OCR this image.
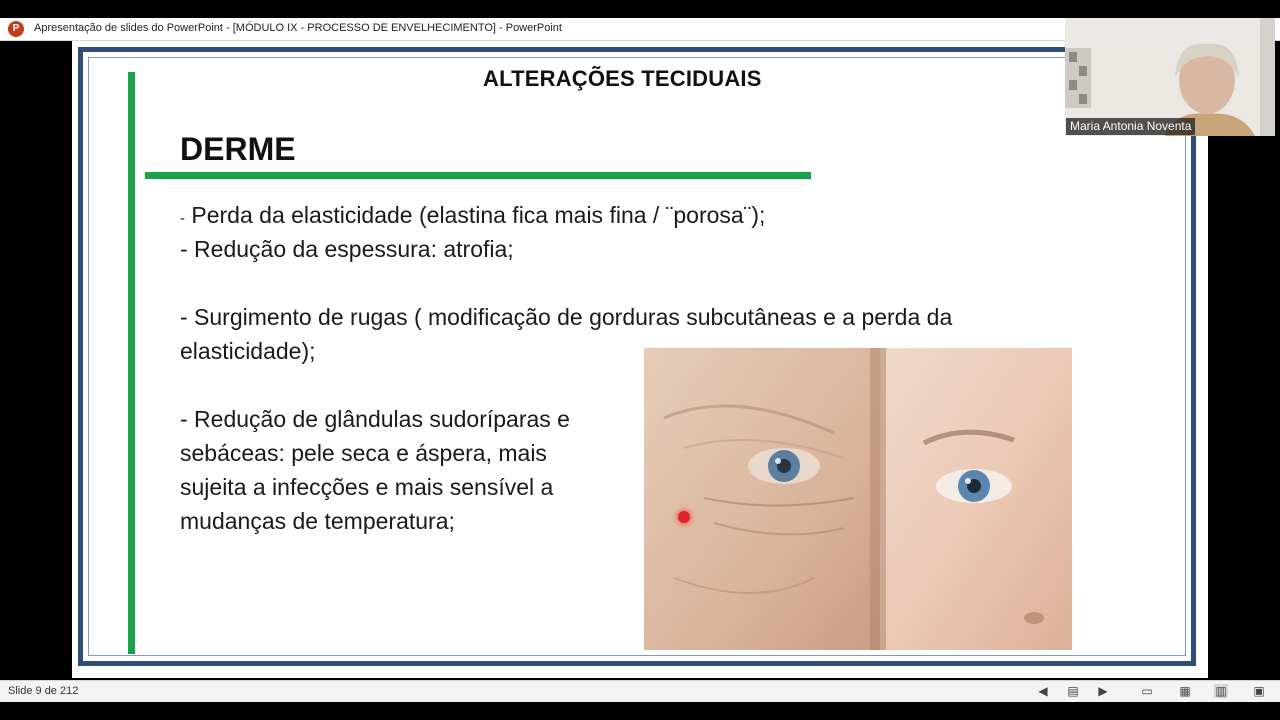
P	Apresentação de slides do PowerPoint - [MÓDULO IX - PROCESSO DE ENVELHECIMENTO] - PowerPoint
ALTERAÇÕES TECIDUAIS
DERME
- Perda da elasticidade (elastina fica mais fina / ¨porosa¨);
- Redução da espessura: atrofia;
- Surgimento de rugas ( modificação de gorduras subcutâneas e a perda da
elasticidade);
- Redução de glândulas sudoríparas e
sebáceas: pele seca e áspera, mais
sujeita a infecções e mais sensível a
mudanças de temperatura;
Maria Antonia Noventa
Slide 9 de 212	◀ ▤ ▶	▭ ▦ ▥ ▣
